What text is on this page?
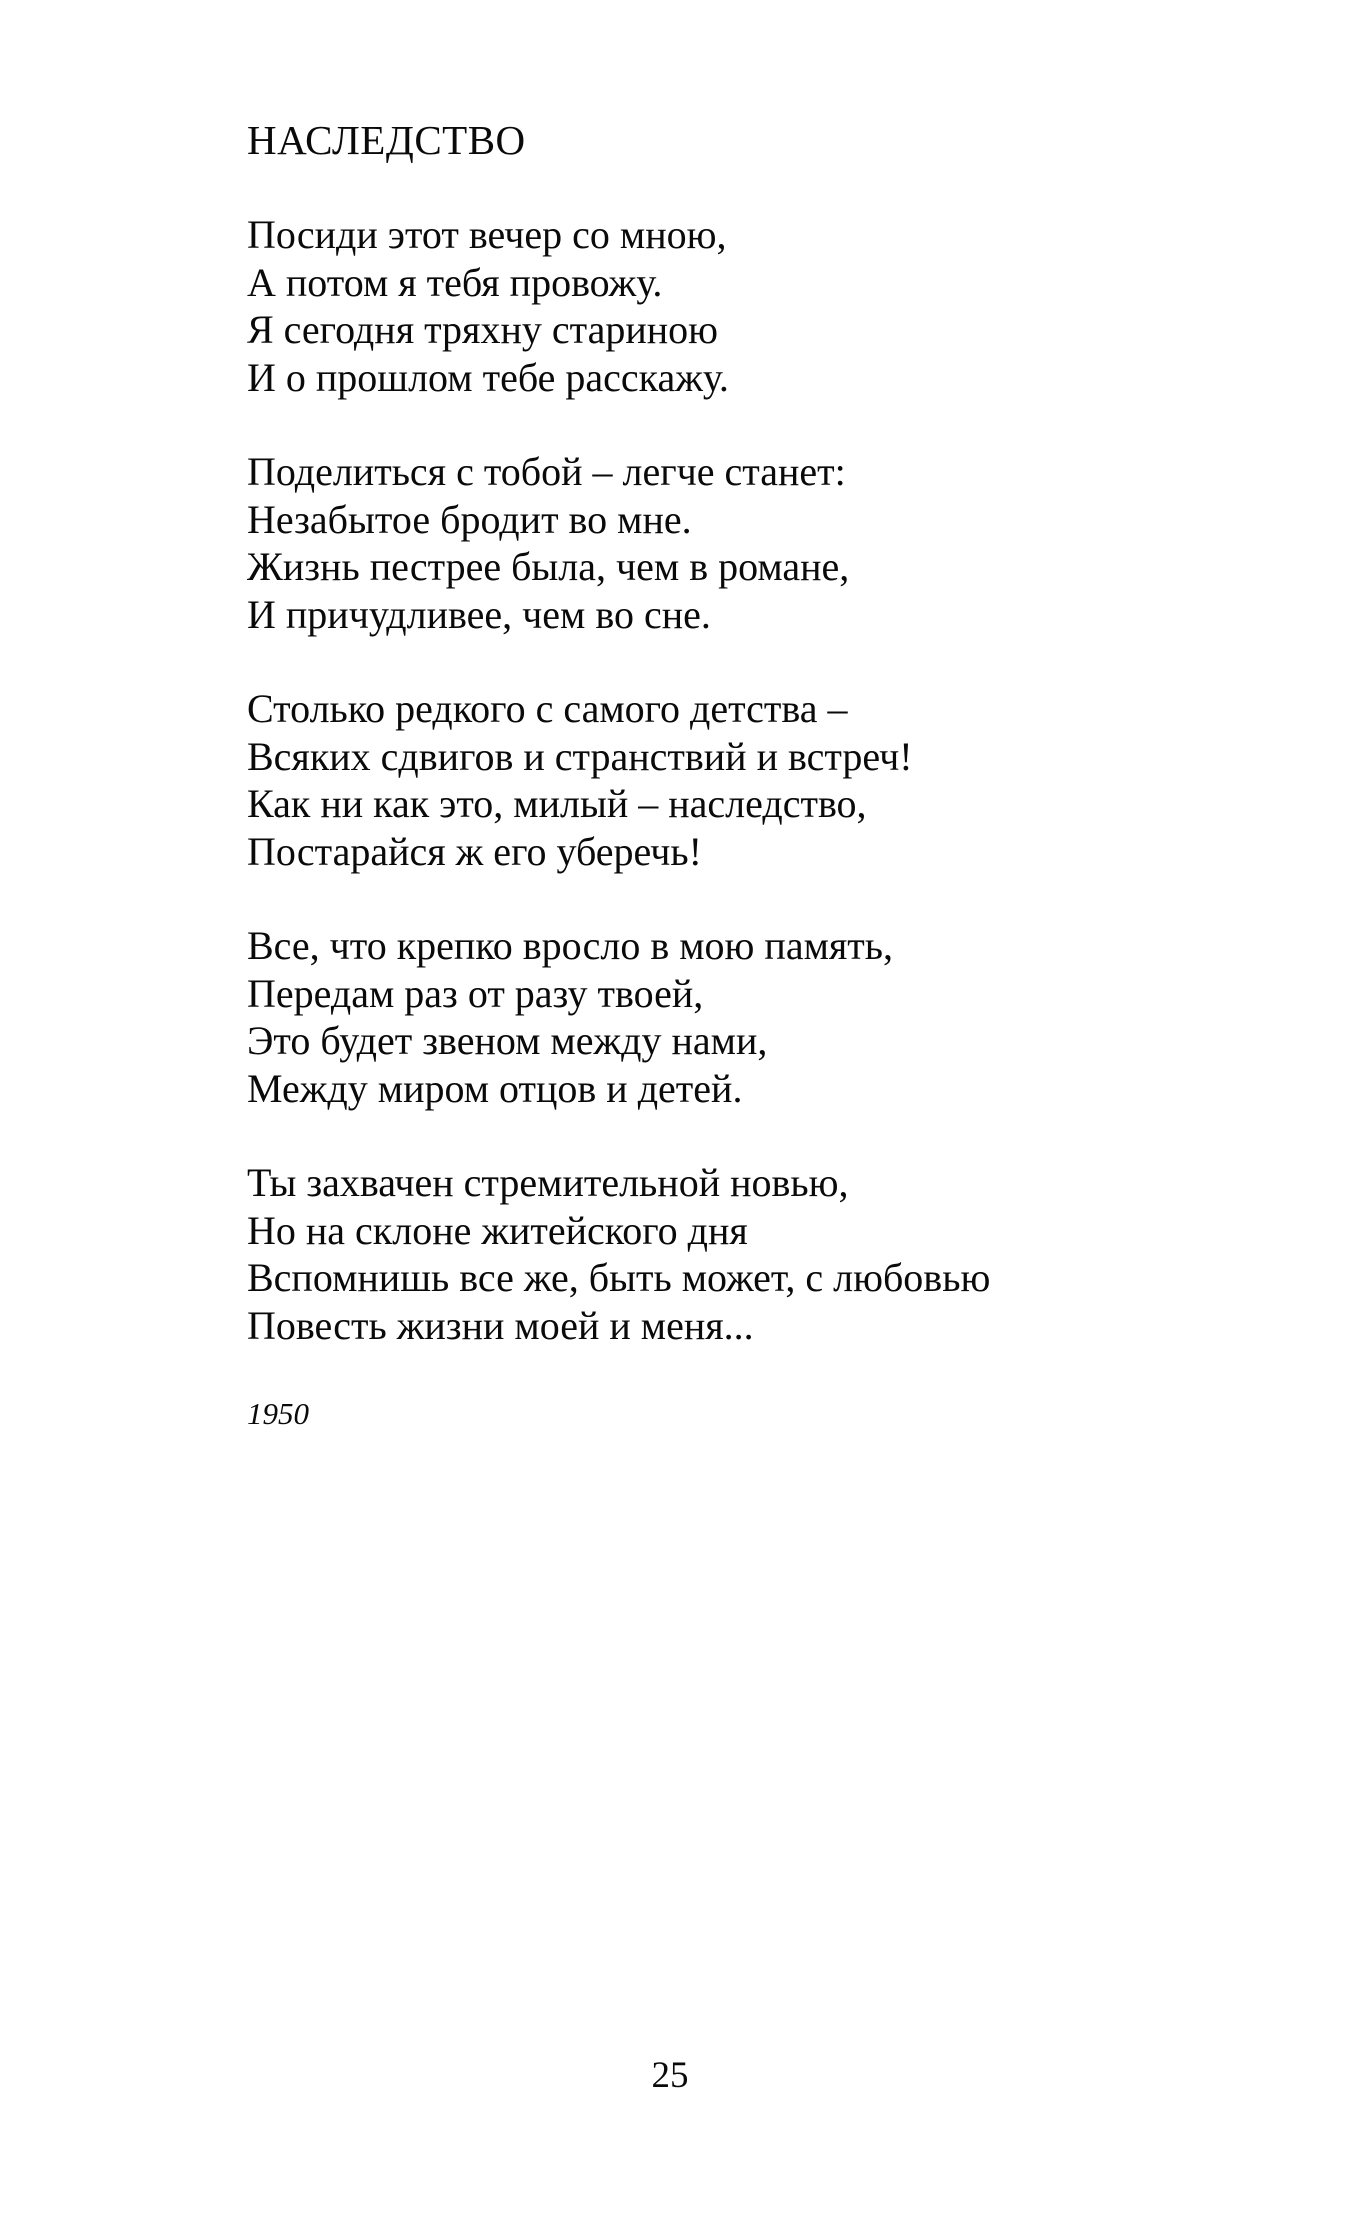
НАСЛЕДСТВО
Посиди этот вечер со мною,
А потом я тебя провожу.
Я сегодня тряхну стариною
И о прошлом тебе расскажу.
Поделиться с тобой – легче станет:
Незабытое бродит во мне.
Жизнь пестрее была, чем в романе,
И причудливее, чем во сне.
Столько редкого с самого детства –
Всяких сдвигов и странствий и встреч!
Как ни как это, милый – наследство,
Постарайся ж его уберечь!
Все, что крепко вросло в мою память,
Передам раз от разу твоей,
Это будет звеном между нами,
Между миром отцов и детей.
Ты захвачен стремительной новью,
Но на склоне житейского дня
Вспомнишь все же, быть может, с любовью
Повесть жизни моей и меня...
1950
25
